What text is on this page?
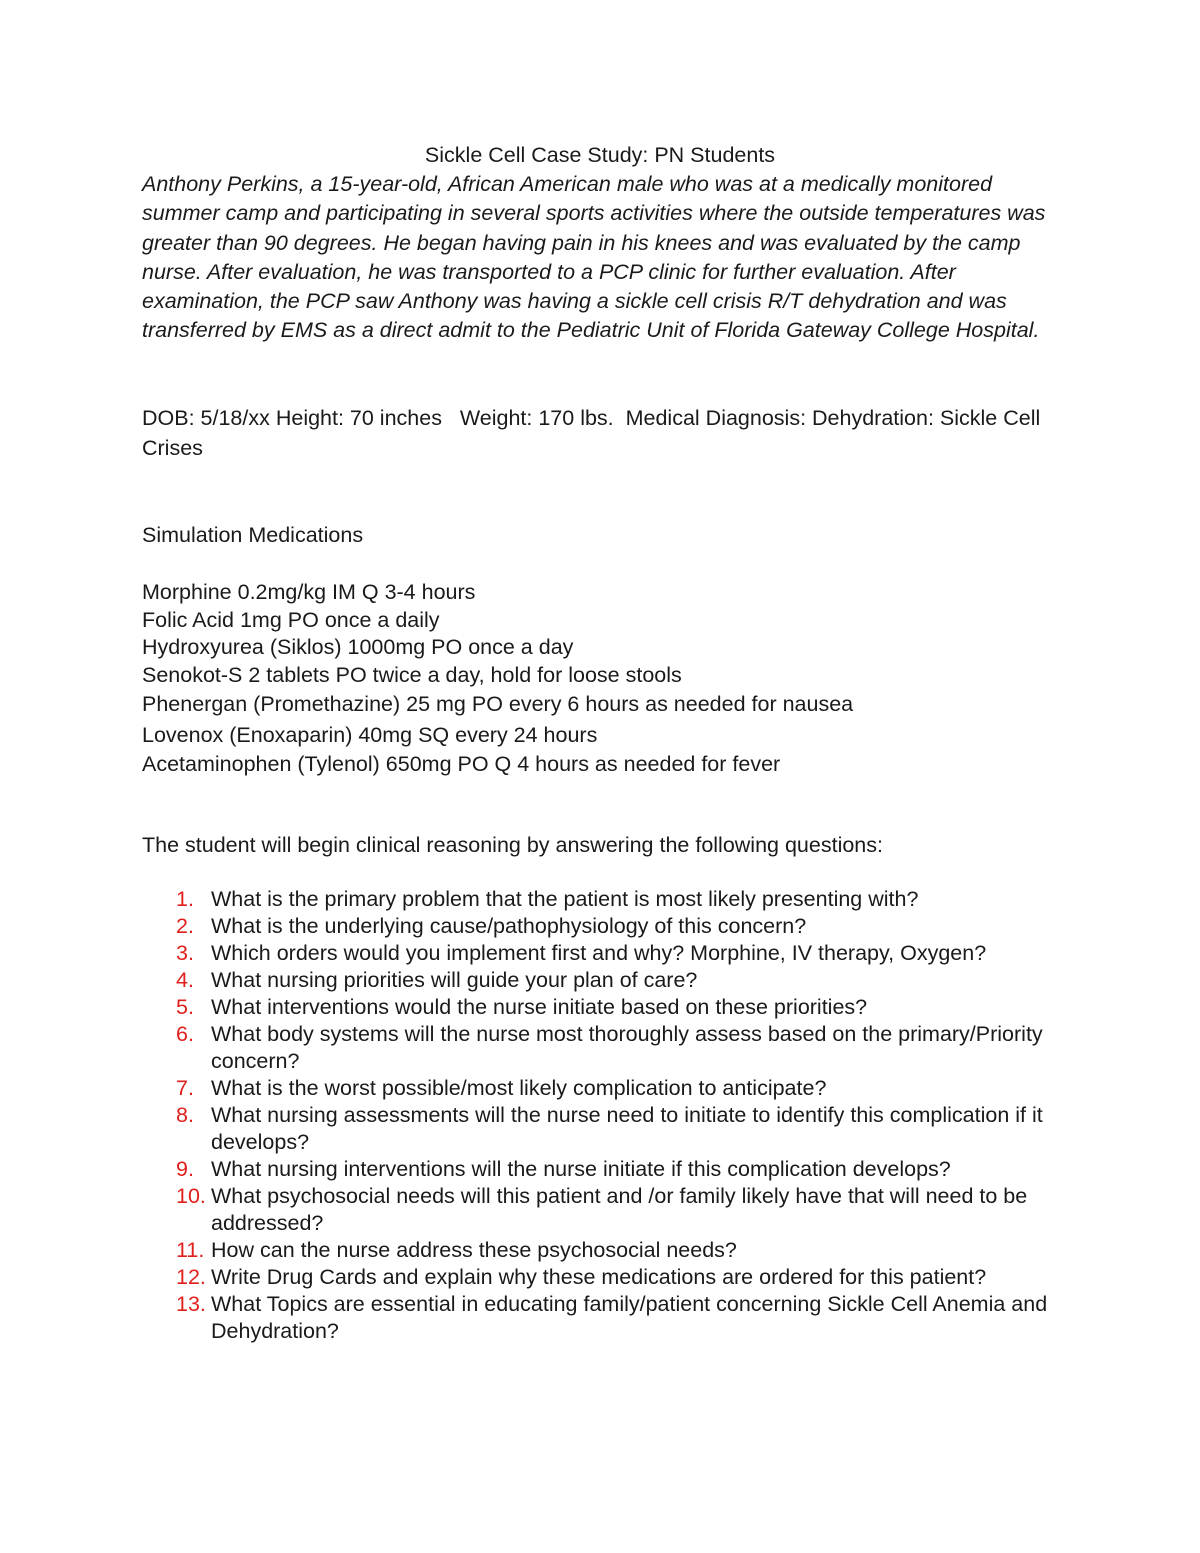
Sickle Cell Case Study: PN Students

Anthony Perkins, a 15-year-old, African American male who was at a medically monitored summer camp and participating in several sports activities where the outside temperatures was greater than 90 degrees. He began having pain in his knees and was evaluated by the camp nurse. After evaluation, he was transported to a PCP clinic for further evaluation. After examination, the PCP saw Anthony was having a sickle cell crisis R/T dehydration and was transferred by EMS as a direct admit to the Pediatric Unit of Florida Gateway College Hospital.

DOB: 5/18/xx Height: 70 inches   Weight: 170 lbs.  Medical Diagnosis: Dehydration: Sickle Cell Crises

Simulation Medications

Morphine 0.2mg/kg IM Q 3-4 hours
Folic Acid 1mg PO once a daily
Hydroxyurea (Siklos) 1000mg PO once a day
Senokot-S 2 tablets PO twice a day, hold for loose stools
Phenergan (Promethazine) 25 mg PO every 6 hours as needed for nausea
Lovenox (Enoxaparin) 40mg SQ every 24 hours
Acetaminophen (Tylenol) 650mg PO Q 4 hours as needed for fever

The student will begin clinical reasoning by answering the following questions:

1. What is the primary problem that the patient is most likely presenting with?
2. What is the underlying cause/pathophysiology of this concern?
3. Which orders would you implement first and why? Morphine, IV therapy, Oxygen?
4. What nursing priorities will guide your plan of care?
5. What interventions would the nurse initiate based on these priorities?
6. What body systems will the nurse most thoroughly assess based on the primary/Priority concern?
7. What is the worst possible/most likely complication to anticipate?
8. What nursing assessments will the nurse need to initiate to identify this complication if it develops?
9. What nursing interventions will the nurse initiate if this complication develops?
10. What psychosocial needs will this patient and /or family likely have that will need to be addressed?
11. How can the nurse address these psychosocial needs?
12. Write Drug Cards and explain why these medications are ordered for this patient?
13. What Topics are essential in educating family/patient concerning Sickle Cell Anemia and Dehydration?
